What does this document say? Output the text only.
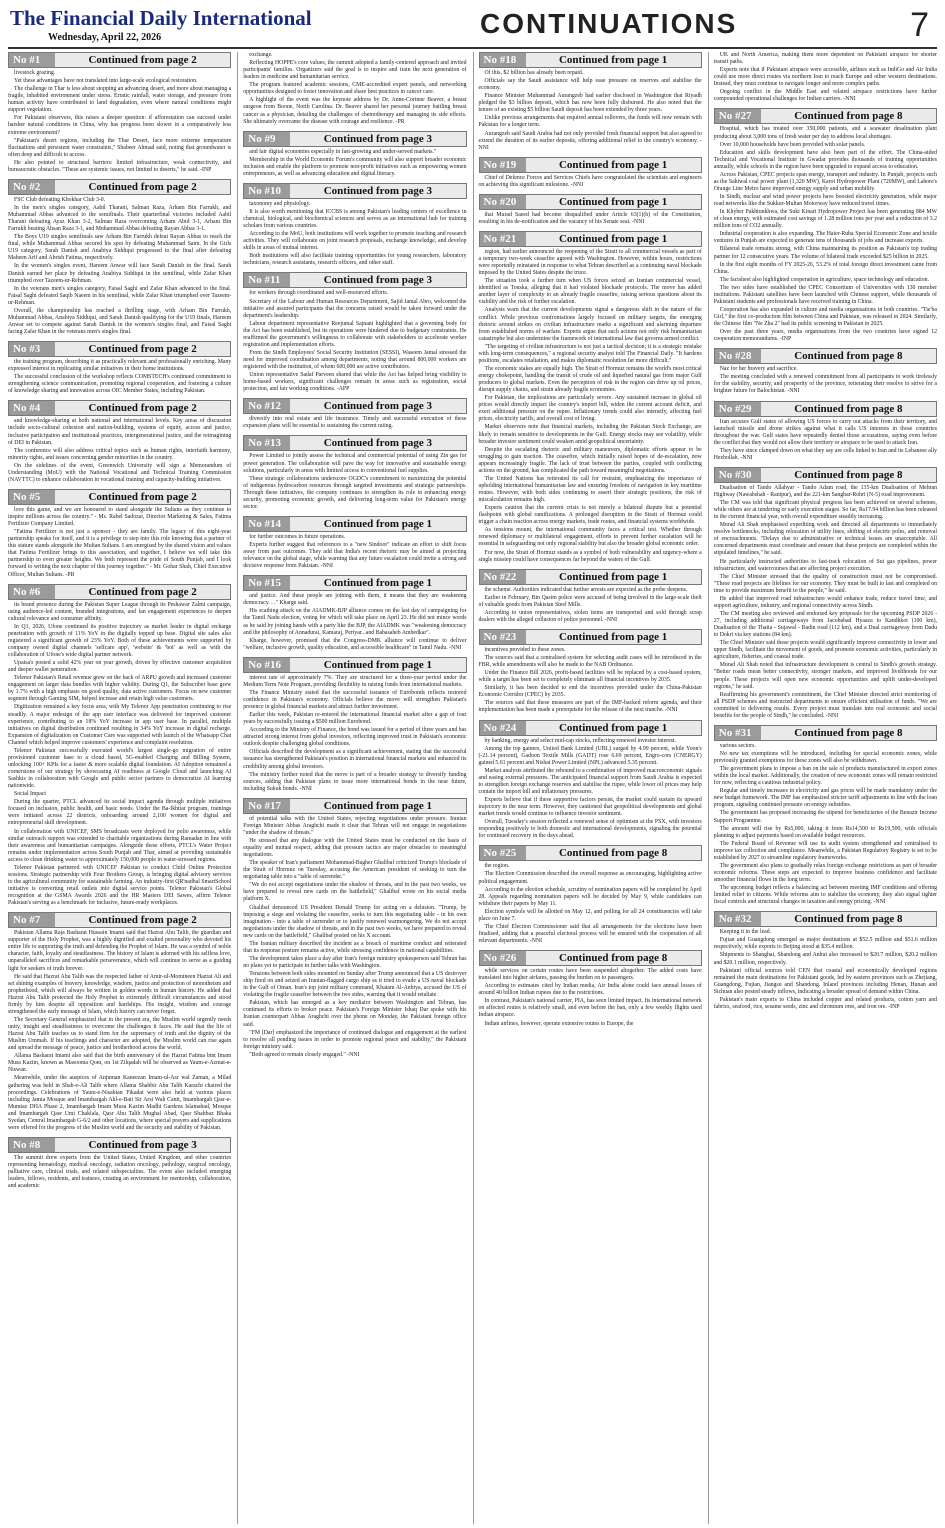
The Financial Daily International
Wednesday, April 22, 2026	CONTINUATIONS	7
No #1	Continued from page 2

livestock grazing.

Yet these advantages have not translated into large-scale ecological restoration.

The challenge in Thar is less about stopping an advancing desert, and more about managing a fragile, inhabited environment under stress. Erratic rainfall, water storage, and pressure from human activity have contributed to land degradation, even where natural conditions might support vegetation.

For Pakistani observers, this raises a deeper question: if afforestation can succeed under harsher natural conditions in China, why has progress been slower in a comparatively less extreme environment?

"Pakistan's desert regions, including the Thar Desert, face more extreme temperature fluctuations and persistent water constraints," Shabeer Ahmad said, noting that groundwater is often deep and difficult to access.

He also pointed to structural barriers: limited infrastructure, weak connectivity, and bureaucratic obstacles. "These are systemic issues, not limited to deserts," he said. -INP

No #2	Continued from page 2

FSC Club defeating Khokhar Club 3-0.

In the men's singles category, Aabil Tharani, Salman Raza, Arham Bin Farrukh, and Muhammad Abbas advanced to the semifinals. Their quarterfinal victories included Aabil Tharani defeating Ayaz Khan 3-2, Salman Raza overcoming Arham Abid 3-1, Arham Bin Farrukh beating Ahsan Raza 3-1, and Muhammad Abbas defeating Rayan Abbas 3-1.

The Boys U19 singles semifinals saw Arham Bin Farrukh defeat Rayan Abbas to reach the final, while Muhammad Abbas secured his spot by defeating Muhammad Saim. In the Girls U19 category, Sarah Danish and Anabiya Siddiqui progressed to the final after defeating Maheen Arif and Abrish Fatima, respectively.

In the women's singles event, Hareem Anwar will face Sarah Danish in the final. Sarah Danish earned her place by defeating Anabiya Siddiqui in the semifinal, while Zafar Khan triumphed over Tazeem-ur-Rehman.

In the veterans men's singles category, Faisal Saghi and Zafar Khan advanced to the final. Faisal Saghi defeated Saqib Naeem in his semifinal, while Zafar Khan triumphed over Tazeem-ur-Rehman.

Overall, the championship has reached a thrilling stage, with Arham Bin Farrukh, Muhammad Abbas, Anabiya Siddiqui, and Sarah Danish qualifying for the U19 finals, Hareem Anwar set to compete against Sarah Danish in the women's singles final, and Faisal Saghi facing Zafar Khan in the veterans men's singles final.

No #3	Continued from page 2

the training program, describing it as practically relevant and professionally enriching. Many expressed interest in replicating similar initiatives in their home institutions.

The successful conclusion of the workshop reflects COMSTECH's continued commitment to strengthening science communication, promoting regional cooperation, and fostering a culture of knowledge sharing and innovation across OIC Member States, including Pakistan.

No #4	Continued from page 2

and knowledge-sharing at both national and international levels. Key areas of discussion include socio-cultural cohesion and nation-building, systems of equity, access and justice, inclusive participation and institutional practices, intergenerational justice, and the reimagining of DEI in Pakistan.

The conference will also address critical topics such as human rights, interfaith harmony, minority rights, and issues concerning gender minorities in the country.

On the sidelines of the event, Greenwich University will sign a Memorandum of Understanding (MoU) with the National Vocational and Technical Training Commission (NAVTTC) to enhance collaboration in vocational training and capacity-building initiatives.

No #5	Continued from page 2

love this game, and we are honoured to stand alongside the Sultans as they continue to inspire millions across the country." - Ms. Rabel Sadozai, Director Marketing & Sales, Fatima Fertilizer Company Limited.

"Fatima Fertilizer is not just a sponsor - they are family. The legacy of this eight-year partnership speaks for itself, and it is a privilege to step into this role knowing that a partner of this stature stands alongside the Multan Sultans. I am energised by the shared vision and values that Fatima Fertilizer brings to this association, and together, I believe we will take this partnership to even greater heights. We both represent the pride of South Punjab, and I look forward to writing the next chapter of this journey together." - Mr. Gohar Shah, Chief Executive Officer, Multan Sultans. -PR

No #6	Continued from page 2

its brand presence during the Pakistan Super League through its Peshawar Zalmi campaign, using audience-led content, branded integrations, and fan engagement experiences to deepen cultural relevance and consumer affinity.

In Q1, 2026, Ufone continued its positive trajectory as market leader in digital recharge penetration with growth of 11% YoY in the digitally topped up base. Digital site sales also registered a significant growth of 23% YoY. Both of these achievements were supported by company owned digital channels 'selfcare app', 'website' & 'bot' as well as with the collaboration of Ufone's wide digital partner network.

Upaisa's posted a solid 42% year on year growth, driven by effective customer acquisition and deeper wallet penetration.

Telenor Pakistan's Retail revenue grew on the back of ARPU growth and increased customer engagement on larger data bundles with higher validity. During Q1, the Subscriber base grew by 1.7% with a high emphasis on good quality, data active customers. Focus on new customer segment through Gaming SIM, helped increase and retain high value customers.

Digitization remained a key focus area, with My Telenor App penetration continuing to rise steadily. A major redesign of the app user interface was delivered for improved customer experience, contributing to an 18% YoY increase in app user base. In parallel, multiple initiatives on digital distribution continued resulting in 34% YoY increase in digital recharge. Expansion of digitalization on Customer Care was supported with launch of the Whatsapp Chat Channel which helped improve customers' experience and complaint resolution.

Telenor Pakistan successfully executed world's largest single-go migration of entire provisioned customer base to a cloud based, 5G-enabled Charging and Billing System, unlocking 100+ KPIs for a faster & more scalable digital foundation. AI Adoption remained a cornerstone of our strategy by showcasing AI readiness at Google Cloud and launching AI Sashkis in collaboration with Google and public sector partners to democratize AI learning nationwide.

Social Impact

During the quarter, PTCL advanced its social impact agenda through multiple initiatives focused on inclusion, public health, and basic needs. Under the Ba-Ikhtiar program, trainings were initiated across 22 districts, onboarding around 2,100 women for digital and entrepreneurial skill development.

In collaboration with UNICEF, SMS broadcasts were deployed for polio awareness, while similar outreach support was extended to charitable organizations during Ramadan in line with their awareness and humanitarian campaigns. Alongside these efforts, PTCL's Water Project remains under implementation across South Punjab and Thar, aimed at providing sustainable access to clean drinking water to approximately 150,000 people in water-stressed regions.

Telenor Pakistan partnered with UNICEF Pakistan to conduct Child Online Protection sessions. Strategic partnership with Four Brothers Group, is bringing digital advisory services to the agricultural community for sustainable farming. An industry-first QR'nadbal SmartSchool initiative is converting retail outlets into digital service points. Telenor Pakistan's Global recognition at the GSMA Awards 2026 and the HR Masters DEI Sawes, affirm Telenor Pakistan's serving as a benchmark for inclusive, future-ready workplaces.

No #7	Continued from page 2

Pakistan Allama Raja Basharat Hussain Imami said that Hazrat Abu Talib, the guardian and supporter of the Holy Prophet, was a highly dignified and exalted personality who devoted his entire life to supporting the truth and defending the Prophet of Islam. He was a symbol of noble character, faith, loyalty and steadfastness. The history of Islam is adorned with his selfless love, unparalleled sacrifices and remarkable perseverance, which will continue to serve as a guiding light for seekers of truth forever.

He said that Hazrat Abu Talib was the respected father of Amir-ul-Momineen Hazrat Ali and set shining examples of bravery, knowledge, wisdom, justice and protection of monotheism and prophethood, which will always be written in golden words in human history. He added that Hazrat Abu Talib protected the Holy Prophet in extremely difficult circumstances and stood firmly by him despite all opposition and hardships. His insight, wisdom and courage strengthened the early message of Islam, which history can never forget.

The Secretary General emphasized that in the present era, the Muslim world urgently needs unity, insight and steadfastness to overcome the challenges it faces. He said that the life of Hazrat Abu Talib teaches us to stand firm for the supremacy of truth and the dignity of the Muslim Ummah. If his teachings and character are adopted, the Muslim world can rise again and spread the message of peace, justice and brotherhood across the world.

Allama Basharat Imami also said that the birth anniversary of the Hazrat Fatima bint Imam Musa Kazim, known as Masooma Qom, on 1st Zilqadah will be observed as Yaum-e-Azmat-e-Niswan.

Meanwhile, under the auspices of Anjuman Kaneezan Imam-ul-Asr wal Zaman, a Milad gathering was held in Shab-e-Ali Talib where Allama Shabbir Abu Talib Karachi chaired the proceedings. Celebrations of Yaum-e-Nisabian Fikadat were also held at various places including Jamia Mosque and Imambargah Ahl-e-Bait Sir Arsi Wah Cantt, Imambargah Qasr-e-Mumtaz DHA Phase 2, Imambargah Imam Musa Kazim Madhi Gardens Islamabad, Mosque and Imambargah Qasr Umi Chaklala, Qasr Abu Talib Mughal Abad, Qasr Shahbaz Bhaka Syedan, Central Imambargah G-6/2 and other locations, where special prayers and supplications were offered for the progress of the Muslim world and the security and stability of Pakistan.

No #8	Continued from page 3

The summit drew experts from the United States, United Kingdom, and other countries representing hematology, medical oncology, radiation oncology, pathology, surgical oncology, palliative care, clinical trials, and related subspecialties. The event also included emerging leaders, fellows, residents, and trainees, creating an environment for mentorship, collaboration, and academic

exchange.

Reflecting HOPPE's core values, the summit adopted a family-centered approach and invited participants' families. Organizers said the goal is to inspire and train the next generation of leaders in medicine and humanitarian service.

The program featured academic sessions, CME-accredited expert panels, and networking opportunities designed to foster innovation and share best practices in cancer care.

A highlight of the event was the keynote address by Dr. Anne-Corinne Beaver, a breast surgeon from Boone, North Carolina. Dr. Beaver shared her personal journey battling breast cancer as a physician, detailing the challenges of chemotherapy and managing its side effects. She ultimately overcame the disease with courage and resilience. -PR

No #9	Continued from page 3

and fair digital economies especially in fast-growing and under-served markets."

Membership in the World Economic Forum's community will also support broader economic inclusion and enable the platform to promote non-profit initiatives such as empowering women entrepreneurs, as well as advancing education and digital literacy.

No #10	Continued from page 3

taxonomy and physiology.

It is also worth mentioning that ICCBS is among Pakistan's leading centers of excellence in chemical, biological, and biochemical sciences and serves as an international hub for training scholars from various countries.

According to the MoU, both institutions will work together to promote teaching and research activities. They will collaborate on joint research proposals, exchange knowledge, and develop skills in areas of mutual interest.

Both institutions will also facilitate training opportunities for young researchers, laboratory technicians, research assistants, research officers, and other staff.

No #11	Continued from page 3

for workers through coordinated and well-resourced efforts.

Secretary of the Labour and Human Resources Department, Sajid Jamal Abro, welcomed the initiative and assured participants that the concerns raised would be taken forward under the department's leadership.

Labour department representative Reejumal Sajnani highlighted that a governing body for the Act has been established, but its operations were hindered due to budgetary constraints. He reaffirmed the government's willingness to collaborate with stakeholders to accelerate worker registration and implementation efforts.

From the Sindh Employees' Social Security Institution (SESSI), Waseem Jamal stressed the need for improved coordination among departments, noting that around 800,000 workers are registered with the institution, of whom 600,000 are active contributors.

Union representative Sadaf Parveen shared that while the Act has helped bring visibility to home-based workers, significant challenges remain in areas such as registration, social protection, and fair working conditions. -APP

No #12	Continued from page 3

diversify into real estate and life insurance. Timely and successful execution of these expansion plans will be essential to sustaining the current rating.

No #13	Continued from page 3

Power Limited to jointly assess the technical and commercial potential of using Zin gas for power generation. The collaboration will pave the way for innovative and sustainable energy solutions, particularly in areas with limited access to conventional fuel supplies.

These strategic collaborations underscore OGDC's commitment to maximizing the potential of indigenous hydrocarbon resources through targeted investments and strategic partnerships. Through these initiatives, the company continues to strengthen its role in enhancing energy security, promoting economic growth, and delivering long-term value for Pakistan's energy sector.

No #14	Continued from page 1

for further outcomes in future operations.

Experts further suggest that references to a "new Sindoor" indicate an effort to shift focus away from past outcomes. They add that India's recent rhetoric may be aimed at projecting relevance on the global stage, while warning that any future escalation could invite a strong and decisive response from Pakistan. -NNI

No #15	Continued from page 1

and justice. And these people are joining with them, it means that they are weakening democracy. . ." Kharge said.

His scathing attack on the AIADMK-BJP alliance comes on the last day of campaigning for the Tamil Nadu election, voting for which will take place on April 23. He did not mince words as he said by joining hands with a party like the BJP, the AIADMK was "weakening democracy and the philosophy of Annadurai, Kamaraj, Periyar...and Babasaheb Ambedkar".

Kharge, however, promised that the Congress-DMK alliance will continue to deliver "welfare, inclusive growth, quality education, and accessible healthcare" in Tamil Nadu. -NNI

No #16	Continued from page 1

interest rate of approximately 7%. They are structured for a three-year period under the Medium Term Note Program, providing flexibility in raising funds from international markets.

The Finance Ministry stated that the successful issuance of Eurobonds reflects restored confidence in Pakistan's economy. Officials believe the move will strengthen Pakistan's presence in global financial markets and attract further investment.

Earlier this week, Pakistan re-entered the international financial market after a gap of four years by successfully issuing a $500 million Eurobond.

According to the Ministry of Finance, the bond was issued for a period of three years and has attracted strong interest from global investors, reflecting improved trust in Pakistan's economic outlook despite challenging global conditions.

Officials described the development as a significant achievement, stating that the successful issuance has strengthened Pakistan's position in international financial markets and enhanced its credibility among global investors.

The ministry further noted that the move is part of a broader strategy to diversify funding sources, adding that Pakistan plans to issue more international bonds in the near future, including Sukuk bonds. -NNI

No #17	Continued from page 1

of potential talks with the United States, rejecting negotiations under pressure. Iranian Foreign Minister Abbas Araghchi made it clear that Tehran will not engage in negotiations "under the shadow of threats."

He stressed that any dialogue with the United States must be conducted on the basis of equality and mutual respect, adding that pressure tactics are major obstacles to meaningful negotiations.

The speaker of Iran's parliament Mohammad-Bagher Ghalibaf criticized Trump's blockade of the Strait of Hormuz on Tuesday, accusing the American president of seeking to turn the negotiating table into a "table of surrender."

"We do not accept negotiations under the shadow of threats, and in the past two weeks, we have prepared to reveal new cards on the battlefield," Ghalibaf wrote on his social media platform X.

Ghalibaf denounced US President Donald Trump for acting on a delusion. "Trump, by imposing a siege and violating the ceasefire, seeks to turn this negotiating table - in his own imagination - into a table of surrender or to justify renewed warmongering. We do not accept negotiations under the shadow of threats, and in the past two weeks, we have prepared to reveal new cards on the battlefield," Ghalibaf posted on his X account.

The Iranian military described the incident as a breach of maritime conduct and reiterated that its response posture remains active, while stressing confidence in national capabilities.

The development takes place a day after Iran's foreign ministry spokesperson said Tehran has no plans yet to participate in further talks with Washington.

Tensions between both sides mounted on Sunday after Trump announced that a US destroyer ship fired on and seized an Iranian-flagged cargo ship as it tried to evade a US naval blockade in the Gulf of Oman. Iran's top joint military command, Khatam Al-Anbiya, accused the US of violating the fragile ceasefire between the two sides, warning that it would retaliate.

Pakistan, which has emerged as a key mediator between Washington and Tehran, has continued its efforts to broker peace. Pakistan's Foreign Minister Ishaq Dar spoke with his Iranian counterpart Abbas Araghchi over the phone on Monday, the Pakistani foreign office said.

"FM [Dar] emphasized the importance of continued dialogue and engagement at the earliest to resolve all pending issues in order to promote regional peace and stability," the Pakistani foreign ministry said.

"Both agreed to remain closely engaged." -NNI

No #18	Continued from page 1

Of this, $2 billion has already been repaid.

Officials say the Saudi assistance will help ease pressure on reserves and stabilise the economy.

Finance Minister Muhammad Aurangzeb had earlier disclosed in Washington that Riyadh pledged the $3 billion deposit, which has now been fully disbursed. He also noted that the tenure of an existing $5 billion Saudi deposit has been extended by three years.

Unlike previous arrangements that required annual rollovers, the funds will now remain with Pakistan for a longer term.

Aurangzeb said Saudi Arabia had not only provided fresh financial support but also agreed to extend the duration of its earlier deposits, offering additional relief to the country's economy. -NNI

No #19	Continued from page 1

Chief of Defence Forces and Services Chiefs have congratulated the scientists and engineers on achieving this significant milestone. -NNI

No #20	Continued from page 1

that Murad Saeed had become disqualified under Article 63(1)(h) of the Constitution, resulting in his de-notification and the vacancy of his Senate seat. -NNI

No #21	Continued from page 1

region, had earlier announced the reopening of the Strait to all commercial vessels as part of a temporary two-week ceasefire agreed with Washington. However, within hours, restrictions were reportedly reinstated in response to what Tehran described as a continuing naval blockade imposed by the United States despite the truce.

The situation took a further turn when US forces seized an Iranian commercial vessel, identified as Touska, alleging that it had violated blockade protocols. The move has added another layer of complexity to an already fragile ceasefire, raising serious questions about its viability and the risk of further escalation.

Analysts warn that the current developments signal a dangerous shift in the nature of the conflict. While previous confrontations largely focused on military targets, the emerging rhetoric around strikes on civilian infrastructure marks a significant and alarming departure from established norms of warfare. Experts argue that such actions not only risk humanitarian catastrophe but also undermine the framework of international law that governs armed conflict.

"The targeting of civilian infrastructure is not just a tactical decision; it is a strategic mistake with long-term consequences," a regional security analyst told The Financial Daily. "It hardens positions, escalates retaliation, and makes diplomatic resolution far more difficult."

The economic stakes are equally high. The Strait of Hormuz remains the world's most critical energy chokepoint, handling the transit of crude oil and liquefied natural gas from major Gulf producers to global markets. Even the perception of risk in the region can drive up oil prices, disrupt supply chains, and strain already fragile economies.

For Pakistan, the implications are particularly severe. Any sustained increase in global oil prices would directly impact the country's import bill, widen the current account deficit, and exert additional pressure on the rupee. Inflationary trends could also intensify, affecting fuel prices, electricity tariffs, and overall cost of living.

Market observers note that financial markets, including the Pakistan Stock Exchange, are likely to remain sensitive to developments in the Gulf. Energy stocks may see volatility, while broader investor sentiment could weaken amid geopolitical uncertainty.

Despite the escalating rhetoric and military maneuvers, diplomatic efforts appear to be struggling to gain traction. The ceasefire, which initially raised hopes of de-escalation, now appears increasingly fragile. The lack of trust between the parties, coupled with conflicting actions on the ground, has complicated the path toward meaningful negotiations.

The United Nations has reiterated its call for restraint, emphasizing the importance of upholding international humanitarian law and ensuring freedom of navigation in key maritime routes. However, with both sides continuing to assert their strategic positions, the risk of miscalculation remains high.

Experts caution that the current crisis is not merely a bilateral dispute but a potential flashpoint with global ramifications. A prolonged disruption in the Strait of Hormuz could trigger a chain reaction across energy markets, trade routes, and financial systems worldwide.

As tensions mount, the international community faces a critical test. Whether through renewed diplomacy or multilateral engagement, efforts to prevent further escalation will be essential in safeguarding not only regional stability but also the broader global economic order.

For now, the Strait of Hormuz stands as a symbol of both vulnerability and urgency-where a single misstep could have consequences far beyond the waters of the Gulf.

No #22	Continued from page 1

the scheme. Authorities indicated that further arrests are expected as the probe deepens.

Earlier in February, Bin Qasim police were accused of being involved in the large-scale theft of valuable goods from Pakistan Steel Mills.

According to union representatives, stolen items are transported and sold through scrap dealers with the alleged collusion of police personnel. -NNI

No #23	Continued from page 1

incentives provided to these zones.

The sources said that a centralised system for selecting audit cases will be introduced in the FBR, while amendments will also be made to the NAB Ordinance.

Under the Finance Bill 2026, profit-based facilities will be replaced by a cost-based system, while a target has been set to completely eliminate all financial incentives by 2035.

Similarly, it has been decided to end the incentives provided under the China-Pakistan Economic Corridor (CPEC) by 2035.

The sources said that these measures are part of the IMF-backed reform agenda, and their implementation has been made a prerequisite for the release of the next tranche. -NNI

No #24	Continued from page 1

by banking, energy and select mid-cap stocks, reflecting renewed investor interest.

Among the top gainers, United Bank Limited (UBL) surged by 4.99 percent, while Yoon's (-21.14 percent), Gadoon Textile Mills (GADT) rose 6.69 percent, Engro-cors (CNERGY) gained 5.61 percent and Nishat Power Limited (NPL) advanced 5.35 percent.

Market analysts attributed the rebound to a combination of improved macroeconomic signals and easing external pressures. The anticipated financial support from Saudi Arabia is expected to strengthen foreign exchange reserves and stabilise the rupee, while lower oil prices may help contain the import bill and inflationary pressures.

Experts believe that if these supportive factors persist, the market could sustain its upward trajectory in the near term. However, they cautioned that geopolitical developments and global market trends would continue to influence investor sentiment.

Overall, Tuesday's session reflected a renewed sense of optimism at the PSX, with investors responding positively to both domestic and international developments, signaling the potential for continued recovery in the days ahead.

No #25	Continued from page 8

the region.

The Election Commission described the overall response as encouraging, highlighting active political engagement.

According to the election schedule, scrutiny of nomination papers will be completed by April 28. Appeals regarding nomination papers will be decided by May 9, while candidates can withdraw their papers by May 11.

Election symbols will be allotted on May 12, and polling for all 24 constituencies will take place on June 7.

The Chief Election Commissioner said that all arrangements for the elections have been finalised, adding that a peaceful electoral process will be ensured with the cooperation of all relevant departments. -NNI

No #26	Continued from page 8

while services on certain routes have been suspended altogether. The added costs have translated into higher airfares, passing the burden on to passengers.

According to estimates cited by Indian media, Air India alone could face annual losses of around 40 billion Indian rupees due to the restrictions.

In contrast, Pakistan's national carrier, PIA, has seen limited impact. Its international network on affected routes is relatively small, and even before the ban, only a few weekly flights used Indian airspace.

Indian airlines, however, operate extensive routes to Europe, the

UK and North America, making them more dependent on Pakistani airspace for shorter transit paths.

Experts note that if Pakistani airspace were accessible, airlines such as IndiGo and Air India could use more direct routes via northern Iran to reach Europe and other western destinations. Instead, they must continue to navigate longer and more complex paths.

Ongoing conflict in the Middle East and related airspace restrictions have further compounded operational challenges for Indian carriers. -NNI

No #27	Continued from page 8

Hospital, which has treated over 350,000 patients, and a seawater desalination plant producing about 3,000 tons of fresh water per day to address local shortages.

Over 10,000 households have been provided with solar panels.

Education and skills development have also been part of the effort. The China-aided Technical and Vocational Institute in Gwadar provides thousands of training opportunities annually, while schools in the region have been upgraded to expand access to education.

Across Pakistan, CPEC projects span energy, transport and industry. In Punjab, projects such as the Sahiwal coal power plant (1,320 MW), Karot Hydropower Plant (720MW), and Lahore's Orange Line Metro have improved energy supply and urban mobility.

In Sindh, nuclear and wind power projects have boosted electricity generation, while major road networks like the Sukkur-Multan Motorway have reduced travel times.

In Khyber Pakhtunkhwa, the Suki Kinari Hydropower Project has been generating 884 MW of clean energy, with estimated cost savings of 1.28 million tons per year and a reduction of 3.2 million tons of CO2 annually.

Industrial cooperation is also expanding. The Haier-Rubа Special Economic Zone and textile ventures in Punjab are expected to generate tens of thousands of jobs and increase exports.

Bilateral trade remains strong, with China maintaining its position as Pakistan's top trading partner for 12 consecutive years. The volume of bilateral trade exceeded $25 billion in 2025.

In the first eight months of FY 2025-26, 53.2% of total foreign direct investment came from China.

The factsheet also highlighted cooperation in agriculture, space technology and education.

The two sides have established the CPEC Consortium of Universities with 130 member institutions. Pakistani satellites have been launched with Chinese support, while thousands of Pakistani students and professionals have received training in China.

Cooperation has also expanded in culture and media organisations in both countries. "Tie'ba Girl," the first co-production film between China and Pakistan, was released in 2024. Similarly, the Chinese film "Ne Zha 2" had its public screening in Pakistan in 2025.

Over the past three years, media organisations from the two countries have signed 12 cooperation memorandums. -INP

No #28	Continued from page 8

Naz for her bravery and sacrifice.

The meeting concluded with a renewed commitment from all participants to work tirelessly for the stability, security, and prosperity of the province, reiterating their resolve to strive for a brighter future for Balochistan. -NNI

No #29	Continued from page 8

Iran accuses Gulf states of allowing US forces to carry out attacks from their territory, and launched missile and drone strikes against what it calls US interests in those countries throughout the war. Gulf states have repeatedly denied those accusations, saying even before the conflict that they would not allow their territory or airspace to be used to attack Iran.

They have since clamped down on what they say are cells linked to Iran and its Lebanese ally Hezbollah. -NNI

No #30	Continued from page 8

Dualisation of Tando Allahyar - Tando Adam road, the 135-km Dualisation of Mehran Highway (Nawabshah - Ranipur), and the 221-km Sanghar-Rohri (N-5) road improvement.

The CM was told that significant physical progress has been achieved on several schemes, while others are at tendering or early execution stages. So far, Rs17.94 billion has been released in the current financial year, with overall expenditure steadily increasing.

Murad Ali Shah emphasised expediting work and directed all departments to immediately resolve bottlenecks, including relocation of utility lines, shifting of electric poles, and removal of encroachments. "Delays due to administrative or technical issues are unacceptable. All concerned departments must coordinate and ensure that these projects are completed within the stipulated timelines," he said.

He particularly instructed authorities to fast-track relocation of Sui gas pipelines, power infrastructure, and watercourses that are affecting project execution.

The Chief Minister stressed that the quality of construction must not be compromised. "These road projects are lifelines for our economy. They must be built to last and completed on time to provide maximum benefit to the people," he said.

He added that improved road infrastructure would enhance trade, reduce travel time, and support agriculture, industry, and regional connectivity across Sindh.

The CM meeting also reviewed and endorsed key proposals for the upcoming PSDP 2026 - 27, including additional carriageways from Jacobabad Hyaaza to Kandhkot (100 km), Dualisation of the Thatta - Sujawal - Badin road (112 km), and a Dual carriageway from Dadu to Dokri via key stations (84 km).

The Chief Minister said these projects would significantly improve connectivity in lower and upper Sindh, facilitate the movement of goods, and promote economic activities, particularly in agriculture, fisheries, and coastal trade.

Murad Ali Shah noted that infrastructure development is central to Sindh's growth strategy. "Better roads mean better connectivity, stronger markets, and improved livelihoods for our people. These projects will open new economic opportunities and uplift under-developed regions," he said.

Reaffirming his government's commitment, the Chief Minister directed strict monitoring of all PSDP schemes and instructed departments to ensure efficient utilisation of funds. "We are committed to delivering results. Every project must translate into real economic and social benefits for the people of Sindh," he concluded. -NNI

No #31	Continued from page 8

various sectors.

No new tax exemptions will be introduced, including for special economic zones, while previously granted exemptions for these zones will also be withdrawn.

The government plans to impose a ban on the sale of products manufactured in export zones within the local market. Additionally, the creation of new economic zones will remain restricted for now, reflecting a cautious industrial policy.

Regular and timely increases in electricity and gas prices will be made mandatory under the new budget framework. The IMF has emphasized stricter tariff adjustments in line with the loan program, signaling continued pressure on energy subsidies.

The government has proposed increasing the stipend for beneficiaries of the Benazir Income Support Programme.

The amount will rise by Rs5,000, taking it from Rs14,500 to Rs19,500, with officials planning to adjust payments based on available budget resources.

The Federal Board of Revenue will use its audit system strengthened and centralised to improve tax collection and compliance. Meanwhile, a Pakistan Regulatory Registry is set to be established by 2027 to streamline regulatory frameworks.

The government also plans to gradually relax foreign exchange restrictions as part of broader economic reforms. These steps are expected to improve business confidence and facilitate smoother financial flows in the long term.

The upcoming budget reflects a balancing act between meeting IMF conditions and offering limited relief to citizens. While reforms aim to stabilize the economy, they also signal tighter fiscal controls and structural changes in taxation and energy pricing. -NNI

No #32	Continued from page 8

Keeping it in the lead.

Fujian and Guangdong emerged as major destinations at $52.5 million and $51.6 million respectively, while exports to Beijing stood at $35.4 million.

Shipments to Shanghai, Shandong and Anhui also increased to $20.7 million, $20.2 million and $20.1 million, respectively.

Pakistani official sources told CEN that coastal and economically developed regions remained the main destinations for Pakistani goods, led by eastern provinces such as Zhejiang, Guangdong, Fujian, Jiangsu and Shandong. Inland provinces including Henan, Hunan and Sichuan also posted steady inflows, indicating a broader spread of demand within China.

Pakistan's main exports to China included copper and related products, cotton yarn and fabrics, seafood, rice, sesame seeds, zinc and chromium ores, and iron ore. -INP
